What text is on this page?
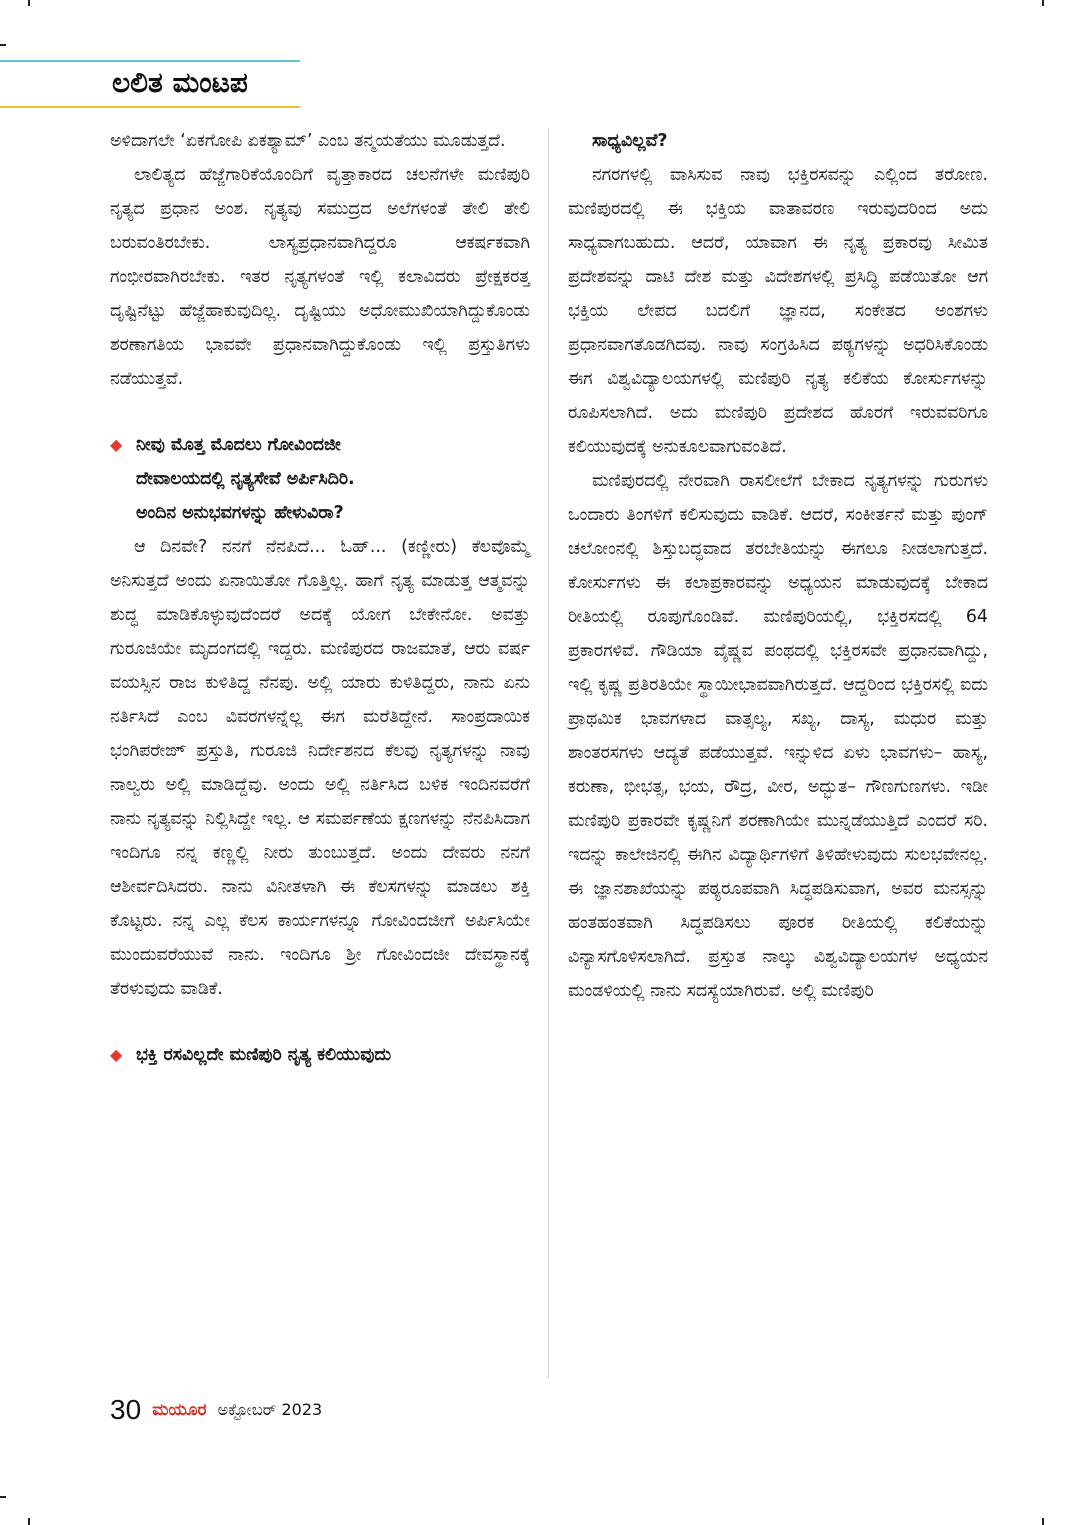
ಲಲಿತ ಮಂಟಪ

ಅಳಿದಾಗಲೇ ‘ಏಕಗೋಪಿ ಏಕಶ್ಯಾಮ್’ ಎಂಬ ತನ್ಮಯತೆಯು ಮೂಡುತ್ತದೆ.

ಲಾಲಿತ್ಯದ ಹೆಜ್ಜೆಗಾರಿಕೆಯೊಂದಿಗೆ ವೃತ್ತಾಕಾರದ ಚಲನೆಗಳೇ ಮಣಿಪುರಿ ನೃತ್ಯದ ಪ್ರಧಾನ ಅಂಶ. ನೃತ್ಯವು ಸಮುದ್ರದ ಅಲೆಗಳಂತೆ ತೇಲಿ ತೇಲಿ ಬರುವಂತಿರಬೇಕು. ಲಾಸ್ಯಪ್ರಧಾನವಾಗಿದ್ದರೂ ಆಕರ್ಷಕವಾಗಿ ಗಂಭೀರವಾಗಿರಬೇಕು. ಇತರ ನೃತ್ಯಗಳಂತೆ ಇಲ್ಲಿ ಕಲಾವಿದರು ಪ್ರೇಕ್ಷಕರತ್ತ ದೃಷ್ಟಿನೆಟ್ಟು ಹೆಜ್ಜೆಹಾಕುವುದಿಲ್ಲ. ದೃಷ್ಟಿಯು ಅಧೋಮುಖಿಯಾಗಿದ್ದುಕೊಂಡು ಶರಣಾಗತಿಯ ಭಾವವೇ ಪ್ರಧಾನವಾಗಿದ್ದುಕೊಂಡು ಇಲ್ಲಿ ಪ್ರಸ್ತುತಿಗಳು ನಡೆಯುತ್ತವೆ.

◆ ನೀವು ಮೊತ್ತ ಮೊದಲು ಗೋವಿಂದಜೀ
ದೇವಾಲಯದಲ್ಲಿ ನೃತ್ಯಸೇವೆ ಅರ್ಪಿಸಿದಿರಿ.
ಅಂದಿನ ಅನುಭವಗಳನ್ನು ಹೇಳುವಿರಾ?

ಆ ದಿನವೇ? ನನಗೆ ನೆನಪಿದೆ... ಓಹ್... (ಕಣ್ಣೀರು) ಕೆಲವೊಮ್ಮೆ ಅನಿಸುತ್ತದೆ ಅಂದು ಏನಾಯಿತೋ ಗೊತ್ತಿಲ್ಲ. ಹಾಗೆ ನೃತ್ಯ ಮಾಡುತ್ತ ಆತ್ಮವನ್ನು ಶುದ್ಧ ಮಾಡಿಕೊಳ್ಳುವುದೆಂದರೆ ಅದಕ್ಕೆ ಯೋಗ ಬೇಕೇನೋ. ಅವತ್ತು ಗುರೂಜಿಯೇ ಮೃದಂಗದಲ್ಲಿ ಇದ್ದರು. ಮಣಿಪುರದ ರಾಜಮಾತೆ, ಆರು ವರ್ಷ ವಯಸ್ಸಿನ ರಾಜ ಕುಳಿತಿದ್ದ ನೆನಪು. ಅಲ್ಲಿ ಯಾರು ಕುಳಿತಿದ್ದರು, ನಾನು ಏನು ನರ್ತಿಸಿದೆ ಎಂಬ ವಿವರಗಳನ್ನೆಲ್ಲ ಈಗ ಮರೆತಿದ್ದೇನೆ. ಸಾಂಪ್ರದಾಯಿಕ ಭಂಗಿಪರೇಙ್ ಪ್ರಸ್ತುತಿ, ಗುರೂಜಿ ನಿರ್ದೇಶನದ ಕೆಲವು ನೃತ್ಯಗಳನ್ನು ನಾವು ನಾಲ್ವರು ಅಲ್ಲಿ ಮಾಡಿದ್ದೆವು. ಅಂದು ಅಲ್ಲಿ ನರ್ತಿಸಿದ ಬಳಿಕ ಇಂದಿನವರೆಗೆ ನಾನು ನೃತ್ಯವನ್ನು ನಿಲ್ಲಿಸಿದ್ದೇ ಇಲ್ಲ. ಆ ಸಮರ್ಪಣೆಯ ಕ್ಷಣಗಳನ್ನು ನೆನಪಿಸಿದಾಗ ಇಂದಿಗೂ ನನ್ನ ಕಣ್ಣಲ್ಲಿ ನೀರು ತುಂಬುತ್ತದೆ. ಅಂದು ದೇವರು ನನಗೆ ಆಶೀರ್ವದಿಸಿದರು. ನಾನು ವಿನೀತಳಾಗಿ ಈ ಕೆಲಸಗಳನ್ನು ಮಾಡಲು ಶಕ್ತಿ ಕೊಟ್ಟರು. ನನ್ನ ಎಲ್ಲ ಕೆಲಸ ಕಾರ್ಯಗಳನ್ನೂ ಗೋವಿಂದಜೀಗೆ ಅರ್ಪಿಸಿಯೇ ಮುಂದುವರೆಯುವೆ ನಾನು. ಇಂದಿಗೂ ಶ್ರೀ ಗೋವಿಂದಜೀ ದೇವಸ್ಥಾನಕ್ಕೆ ತೆರಳುವುದು ವಾಡಿಕೆ.

◆ ಭಕ್ತಿ ರಸವಿಲ್ಲದೇ ಮಣಿಪುರಿ ನೃತ್ಯ ಕಲಿಯುವುದು
ಸಾಧ್ಯವಿಲ್ಲವೆ?

ನಗರಗಳಲ್ಲಿ ವಾಸಿಸುವ ನಾವು ಭಕ್ತಿರಸವನ್ನು ಎಲ್ಲಿಂದ ತರೋಣ. ಮಣಿಪುರದಲ್ಲಿ ಈ ಭಕ್ತಿಯ ವಾತಾವರಣ ಇರುವುದರಿಂದ ಅದು ಸಾಧ್ಯವಾಗಬಹುದು. ಆದರೆ, ಯಾವಾಗ ಈ ನೃತ್ಯ ಪ್ರಕಾರವು ಸೀಮಿತ ಪ್ರದೇಶವನ್ನು ದಾಟಿ ದೇಶ ಮತ್ತು ವಿದೇಶಗಳಲ್ಲಿ ಪ್ರಸಿದ್ಧಿ ಪಡೆಯಿತೋ ಆಗ ಭಕ್ತಿಯ ಲೇಪದ ಬದಲಿಗೆ ಜ್ಞಾನದ, ಸಂಕೇತದ ಅಂಶಗಳು ಪ್ರಧಾನವಾಗತೊಡಗಿದವು. ನಾವು ಸಂಗ್ರಹಿಸಿದ ಪಠ್ಯಗಳನ್ನು ಅಧರಿಸಿಕೊಂಡು ಈಗ ವಿಶ್ವವಿದ್ಯಾಲಯಗಳಲ್ಲಿ ಮಣಿಪುರಿ ನೃತ್ಯ ಕಲಿಕೆಯ ಕೋರ್ಸುಗಳನ್ನು ರೂಪಿಸಲಾಗಿದೆ. ಅದು ಮಣಿಪುರಿ ಪ್ರದೇಶದ ಹೊರಗೆ ಇರುವವರಿಗೂ ಕಲಿಯುವುದಕ್ಕೆ ಅನುಕೂಲವಾಗುವಂತಿದೆ.

ಮಣಿಪುರದಲ್ಲಿ ನೇರವಾಗಿ ರಾಸಲೀಲೆಗೆ ಬೇಕಾದ ನೃತ್ಯಗಳನ್ನು ಗುರುಗಳು ಒಂದಾರು ತಿಂಗಳಿಗೆ ಕಲಿಸುವುದು ವಾಡಿಕೆ. ಆದರೆ, ಸಂಕೀರ್ತನೆ ಮತ್ತು ಪುಂಗ್ ಚಲೋಂನಲ್ಲಿ ಶಿಸ್ತುಬದ್ಧವಾದ ತರಬೇತಿಯನ್ನು ಈಗಲೂ ನೀಡಲಾಗುತ್ತದೆ. ಕೋರ್ಸುಗಳು ಈ ಕಲಾಪ್ರಕಾರವನ್ನು ಅಧ್ಯಯನ ಮಾಡುವುದಕ್ಕೆ ಬೇಕಾದ ರೀತಿಯಲ್ಲಿ ರೂಪುಗೊಂಡಿವೆ. ಮಣಿಪುರಿಯಲ್ಲಿ, ಭಕ್ತಿರಸದಲ್ಲಿ 64 ಪ್ರಕಾರಗಳಿವೆ. ಗೌಡಿಯಾ ವೈಷ್ಣವ ಪಂಥದಲ್ಲಿ ಭಕ್ತಿರಸವೇ ಪ್ರಧಾನವಾಗಿದ್ದು, ಇಲ್ಲಿ ಕೃಷ್ಣ ಪ್ರತಿರತಿಯೇ ಸ್ಥಾಯೀಭಾವವಾಗಿರುತ್ತದೆ. ಆದ್ದರಿಂದ ಭಕ್ತಿರಸಲ್ಲಿ ಐದು ಪ್ರಾಥಮಿಕ ಭಾವಗಳಾದ ವಾತ್ಸಲ್ಯ, ಸಖ್ಯ, ದಾಸ್ಯ, ಮಧುರ ಮತ್ತು ಶಾಂತರಸಗಳು ಆದ್ಯತೆ ಪಡೆಯುತ್ತವೆ. ಇನ್ನುಳಿದ ಏಳು ಭಾವಗಳು– ಹಾಸ್ಯ, ಕರುಣಾ, ಭೀಭತ್ಸ, ಭಯ, ರೌದ್ರ, ವೀರ, ಅದ್ಭುತ– ಗೌಣಗುಣಗಳು. ಇಡೀ ಮಣಿಪುರಿ ಪ್ರಕಾರವೇ ಕೃಷ್ಣನಿಗೆ ಶರಣಾಗಿಯೇ ಮುನ್ನಡೆಯುತ್ತಿದೆ ಎಂದರೆ ಸರಿ. ಇದನ್ನು ಕಾಲೇಜಿನಲ್ಲಿ ಈಗಿನ ವಿದ್ಯಾರ್ಥಿಗಳಿಗೆ ತಿಳಿಹೇಳುವುದು ಸುಲಭವೇನಲ್ಲ. ಈ ಜ್ಞಾನಶಾಖೆಯನ್ನು ಪಠ್ಯರೂಪವಾಗಿ ಸಿದ್ಧಪಡಿಸುವಾಗ, ಅವರ ಮನಸ್ಸನ್ನು ಹಂತಹಂತವಾಗಿ ಸಿದ್ಧಪಡಿಸಲು ಪೂರಕ ರೀತಿಯಲ್ಲಿ ಕಲಿಕೆಯನ್ನು ವಿನ್ಯಾಸಗೊಳಿಸಲಾಗಿದೆ. ಪ್ರಸ್ತುತ ನಾಲ್ಕು ವಿಶ್ವವಿದ್ಯಾಲಯಗಳ ಅಧ್ಯಯನ ಮಂಡಳಿಯಲ್ಲಿ ನಾನು ಸದಸ್ಯೆಯಾಗಿರುವೆ. ಅಲ್ಲಿ ಮಣಿಪುರಿ

30 ಮಯೂರ ಅಕ್ಟೋಬರ್ 2023
